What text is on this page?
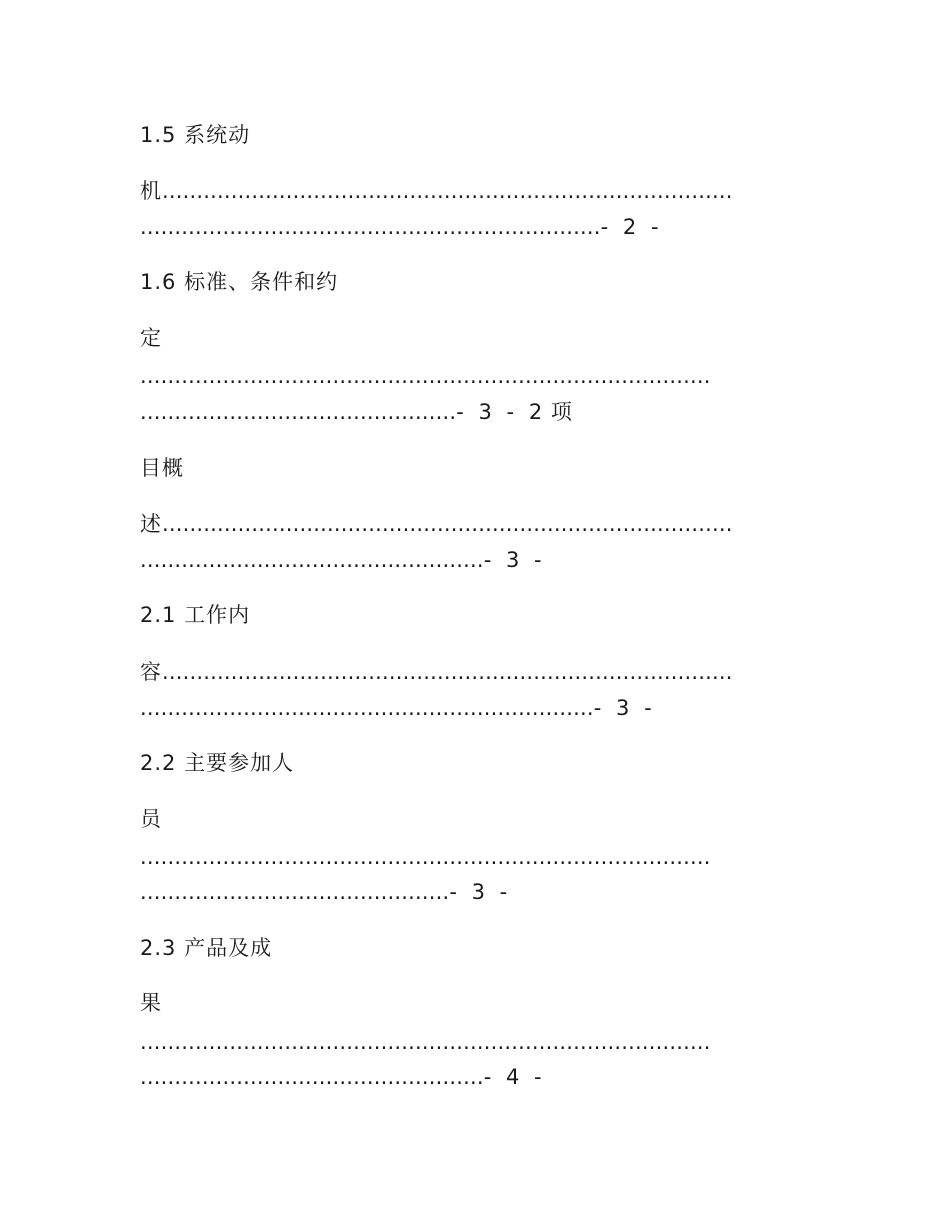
1.5 系统动
机...................................................................................
...................................................................- 2 -
1.6 标准、条件和约
定
...................................................................................
..............................................- 3 - 2 项
目概
述...................................................................................
..................................................- 3 -
2.1 工作内
容...................................................................................
..................................................................- 3 -
2.2 主要参加人
员
...................................................................................
.............................................- 3 -
2.3 产品及成
果
...................................................................................
..................................................- 4 -
